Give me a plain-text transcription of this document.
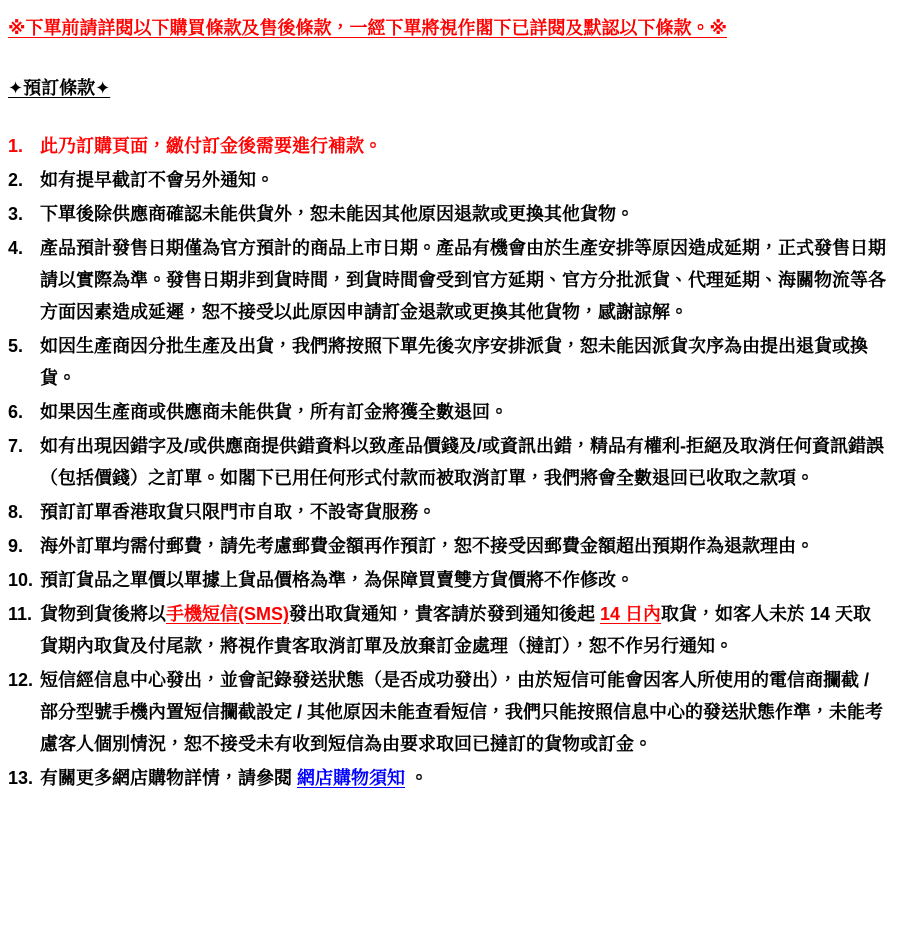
※下單前請詳閱以下購買條款及售後條款，一經下單將視作閣下已詳閱及默認以下條款。※

✦預訂條款✦

1. 此乃訂購頁面，繳付訂金後需要進行補款。
2. 如有提早截訂不會另外通知。
3. 下單後除供應商確認未能供貨外，恕未能因其他原因退款或更換其他貨物。
4. 產品預計發售日期僅為官方預計的商品上市日期。產品有機會由於生產安排等原因造成延期，正式發售日期請以實際為準。發售日期非到貨時間，到貨時間會受到官方延期、官方分批派貨、代理延期、海關物流等各方面因素造成延遲，恕不接受以此原因申請訂金退款或更換其他貨物，感謝諒解。
5. 如因生產商因分批生產及出貨，我們將按照下單先後次序安排派貨，恕未能因派貨次序為由提出退貨或換貨。
6. 如果因生產商或供應商未能供貨，所有訂金將獲全數退回。
7. 如有出現因錯字及/或供應商提供錯資料以致產品價錢及/或資訊出錯，精品有權利-拒絕及取消任何資訊錯誤（包括價錢）之訂單。如閣下已用任何形式付款而被取消訂單，我們將會全數退回已收取之款項。
8. 預訂訂單香港取貨只限門市自取，不設寄貨服務。
9. 海外訂單均需付郵費，請先考慮郵費金額再作預訂，恕不接受因郵費金額超出預期作為退款理由。
10. 預訂貨品之單價以單據上貨品價格為準，為保障買賣雙方貨價將不作修改。
11. 貨物到貨後將以手機短信(SMS)發出取貨通知，貴客請於發到通知後起 14 日內取貨，如客人未於 14 天取貨期內取貨及付尾款，將視作貴客取消訂單及放棄訂金處理（撻訂），恕不作另行通知。
12. 短信經信息中心發出，並會記錄發送狀態（是否成功發出），由於短信可能會因客人所使用的電信商攔截 / 部分型號手機內置短信攔截設定 / 其他原因未能查看短信，我們只能按照信息中心的發送狀態作準，未能考慮客人個別情況，恕不接受未有收到短信為由要求取回已撻訂的貨物或訂金。
13. 有關更多網店購物詳情，請參閱 網店購物須知 。
